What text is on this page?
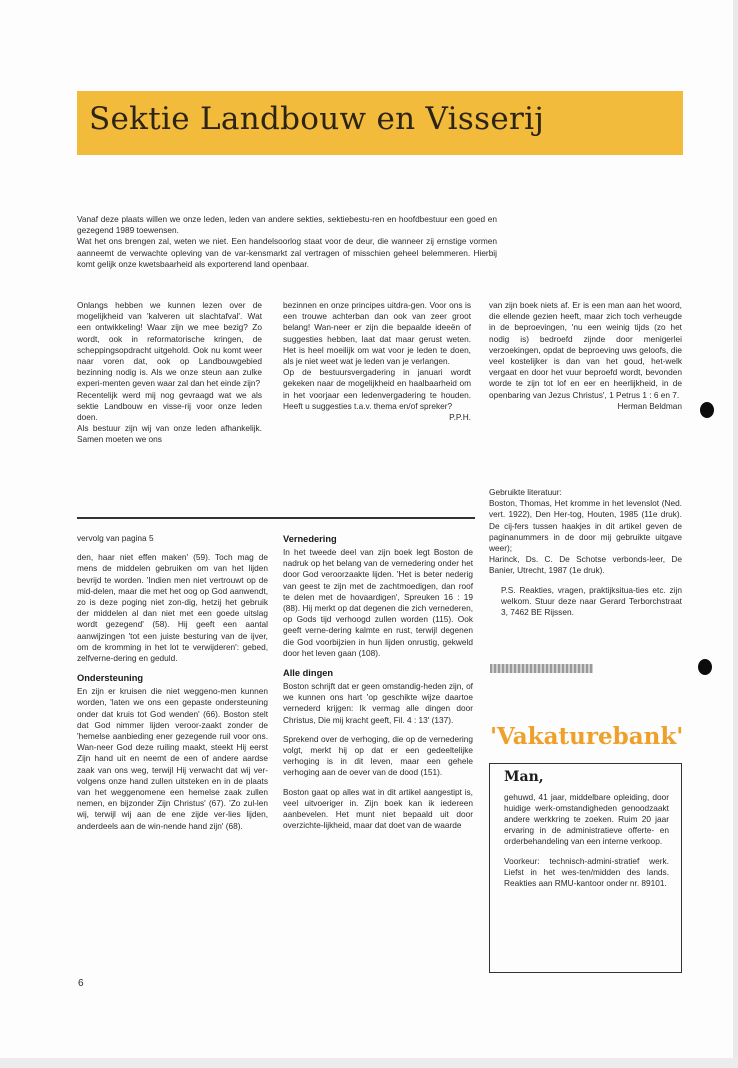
Sektie Landbouw en Visserij

Vanaf deze plaats willen we onze leden, leden van andere sekties, sektiebestu-ren en hoofdbestuur een goed en gezegend 1989 toewensen.

Wat het ons brengen zal, weten we niet. Een handelsoorlog staat voor de deur, die wanneer zij ernstige vormen aanneemt de verwachte opleving van de var-kensmarkt zal vertragen of misschien geheel belemmeren. Hierbij komt gelijk onze kwetsbaarheid als exporterend land openbaar.

Onlangs hebben we kunnen lezen over de mogelijkheid van 'kalveren uit slachtafval'. Wat een ontwikkeling! Waar zijn we mee bezig? Zo wordt, ook in reformatorische kringen, de scheppingsopdracht uitgehold. Ook nu komt weer naar voren dat, ook op Landbouwgebied bezinning nodig is. Als we onze steun aan zulke experi-menten geven waar zal dan het einde zijn?

Recentelijk werd mij nog gevraagd wat we als sektie Landbouw en visse-rij voor onze leden doen.

Als bestuur zijn wij van onze leden afhankelijk. Samen moeten we ons

bezinnen en onze principes uitdra-gen. Voor ons is een trouwe achterban dan ook van zeer groot belang! Wan-neer er zijn die bepaalde ideeën of suggesties hebben, laat dat maar gerust weten. Het is heel moeilijk om wat voor je leden te doen, als je niet weet wat je leden van je verlangen.

Op de bestuursvergadering in januari wordt gekeken naar de mogelijkheid en haalbaarheid om in het voorjaar een ledenvergadering te houden. Heeft u suggesties t.a.v. thema en/of spreker?

P.P.H.

van zijn boek niets af. Er is een man aan het woord, die ellende gezien heeft, maar zich toch verheugde in de beproevingen, 'nu een weinig tijds (zo het nodig is) bedroefd zijnde door menigerlei verzoekingen, opdat de beproeving uws geloofs, die veel kostelijker is dan van het goud, het-welk vergaat en door het vuur beproefd wordt, bevonden worde te zijn tot lof en eer en heerlijkheid, in de openbaring van Jezus Christus', 1 Petrus 1 : 6 en 7.

Herman Beldman

vervolg van pagina 5

den, haar niet effen maken' (59). Toch mag de mens de middelen gebruiken om van het lijden bevrijd te worden. 'Indien men niet vertrouwt op de mid-delen, maar die met het oog op God aanwendt, zo is deze poging niet zon-dig, hetzij het gebruik der middelen al dan niet met een goede uitslag wordt gezegend' (58). Hij geeft een aantal aanwijzingen 'tot een juiste besturing van de ijver, om de kromming in het lot te verwijderen': gebed, zelfverne-dering en geduld.

Ondersteuning

En zijn er kruisen die niet weggeno-men kunnen worden, 'laten we ons een gepaste ondersteuning onder dat kruis tot God wenden' (66). Boston stelt dat God nimmer lijden veroor-zaakt zonder de 'hemelse aanbieding ener gezegende ruil voor ons. Wan-neer God deze ruiling maakt, steekt Hij eerst Zijn hand uit en neemt de een of andere aardse zaak van ons weg, terwijl Hij verwacht dat wij ver-volgens onze hand zullen uitsteken en in de plaats van het weggenomene een hemelse zaak zullen nemen, en bijzonder Zijn Christus' (67). 'Zo zul-len wij, terwijl wij aan de ene zijde ver-lies lijden, anderdeels aan de win-nende hand zijn' (68).

Vernedering

In het tweede deel van zijn boek legt Boston de nadruk op het belang van de vernedering onder het door God veroorzaakte lijden. 'Het is beter nederig van geest te zijn met de zachtmoedigen, dan roof te delen met de hovaardigen', Spreuken 16 : 19 (88). Hij merkt op dat degenen die zich vernederen, op Gods tijd verhoogd zullen worden (115). Ook geeft verne-dering kalmte en rust, terwijl degenen die God voorbijzien in hun lijden onrustig, gekweld door het leven gaan (108).

Alle dingen

Boston schrijft dat er geen omstandig-heden zijn, of we kunnen ons hart 'op geschikte wijze daartoe vernederd krijgen: Ik vermag alle dingen door Christus, Die mij kracht geeft, Fil. 4 : 13' (137).

Sprekend over de verhoging, die op de vernedering volgt, merkt hij op dat er een gedeeltelijke verhoging is in dit leven, maar een gehele verhoging aan de oever van de dood (151).

Boston gaat op alles wat in dit artikel aangestipt is, veel uitvoeriger in. Zijn boek kan ik iedereen aanbevelen. Het munt niet bepaald uit door overzichte-lijkheid, maar dat doet van de waarde

Gebruikte literatuur:

Boston, Thomas, Het kromme in het levenslot (Ned. vert. 1922), Den Her-tog, Houten, 1985 (11e druk). De cij-fers tussen haakjes in dit artikel geven de paginanummers in de door mij gebruikte uitgave weer);

Harinck, Ds. C. De Schotse verbonds-leer, De Banier, Utrecht, 1987 (1e druk).

P.S. Reakties, vragen, praktijksitua-ties etc. zijn welkom. Stuur deze naar Gerard Terborchstraat 3, 7462 BE Rijssen.

'Vakaturebank'

Man,

gehuwd, 41 jaar, middelbare opleiding, door huidige werk-omstandigheden genoodzaakt andere werkkring te zoeken. Ruim 20 jaar ervaring in de administratieve offerte- en orderbehandeling van een interne verkoop.

Voorkeur: technisch-admini-stratief werk. Liefst in het wes-ten/midden des lands. Reakties aan RMU-kantoor onder nr. 89101.

6
